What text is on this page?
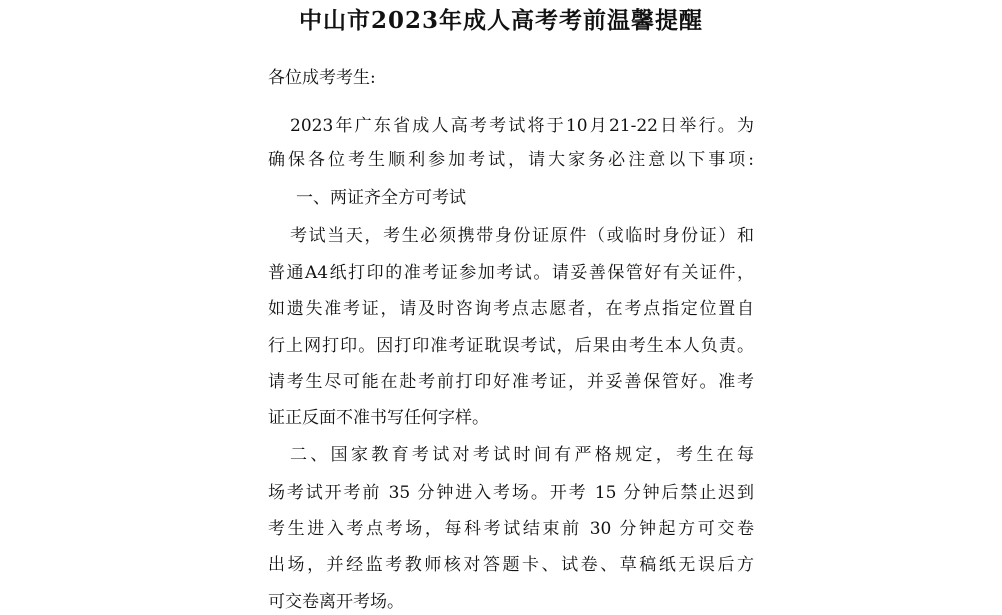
中山市2023年成人高考考前温馨提醒
各位成考考生:
2023年广东省成人高考考试将于10月21-22日举行。为
确保各位考生顺利参加考试，请大家务必注意以下事项:
一、两证齐全方可考试
考试当天，考生必须携带身份证原件（或临时身份证）和
普通A4纸打印的准考证参加考试。请妥善保管好有关证件，
如遗失准考证，请及时咨询考点志愿者，在考点指定位置自
行上网打印。因打印准考证耽误考试，后果由考生本人负责。
请考生尽可能在赴考前打印好准考证，并妥善保管好。准考
证正反面不准书写任何字样。
二、国家教育考试对考试时间有严格规定，考生在每
场考试开考前 35 分钟进入考场。开考 15 分钟后禁止迟到
考生进入考点考场，每科考试结束前 30 分钟起方可交卷
出场，并经监考教师核对答题卡、试卷、草稿纸无误后方
可交卷离开考场。
